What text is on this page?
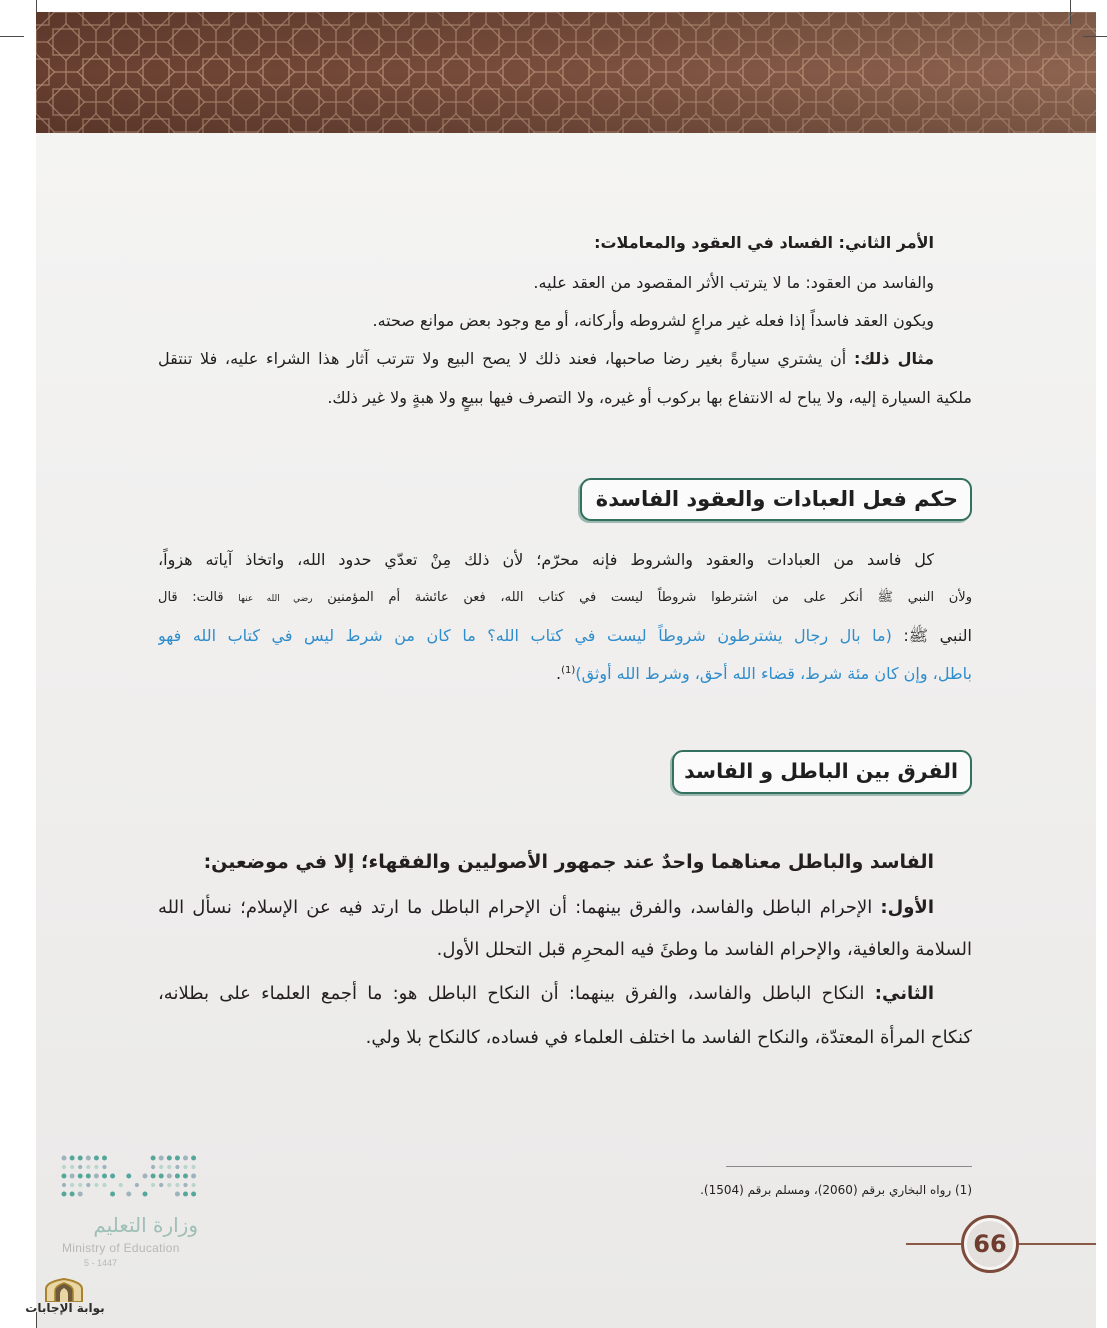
الأمر الثاني: الفساد في العقود والمعاملات:
والفاسد من العقود: ما لا يترتب الأثر المقصود من العقد عليه.
ويكون العقد فاسداً إذا فعله غير مراعٍ لشروطه وأركانه، أو مع وجود بعض موانع صحته.
مثال ذلك: أن يشتري سيارةً بغير رضا صاحبها، فعند ذلك لا يصح البيع ولا تترتب آثار هذا الشراء عليه، فلا تنتقل
ملكية السيارة إليه، ولا يباح له الانتفاع بها بركوب أو غيره، ولا التصرف فيها ببيعٍ ولا هبةٍ ولا غير ذلك.
حكم فعل العبادات والعقود الفاسدة
كل فاسد من العبادات والعقود والشروط فإنه محرّم؛ لأن ذلك مِنْ تعدّي حدود الله، واتخاذ آياته هزواً،
ولأن النبي ﷺ أنكر على من اشترطوا شروطاً ليست في كتاب الله، فعن عائشة أم المؤمنين رضي الله عنها قالت: قال
النبي ﷺ: (ما بال رجال يشترطون شروطاً ليست في كتاب الله؟ ما كان من شرط ليس في كتاب الله فهو
باطل، وإن كان مئة شرط، قضاء الله أحق، وشرط الله أوثق)$^{(1)}$.
الفرق بين الباطل و الفاسد
الفاسد والباطل معناهما واحدٌ عند جمهور الأصوليين والفقهاء؛ إلا في موضعين:
الأول: الإحرام الباطل والفاسد، والفرق بينهما: أن الإحرام الباطل ما ارتد فيه عن الإسلام؛ نسأل الله
السلامة والعافية، والإحرام الفاسد ما وطئَ فيه المحرِم قبل التحلل الأول.
الثاني: النكاح الباطل والفاسد، والفرق بينهما: أن النكاح الباطل هو: ما أجمع العلماء على بطلانه،
كنكاح المرأة المعتدّة، والنكاح الفاسد ما اختلف العلماء في فساده، كالنكاح بلا ولي.
(1) رواه البخاري برقم (2060)، ومسلم برقم (1504).
66
وزارة التعليم
Ministry of Education
5 - 1447
بوابة الإجابات
